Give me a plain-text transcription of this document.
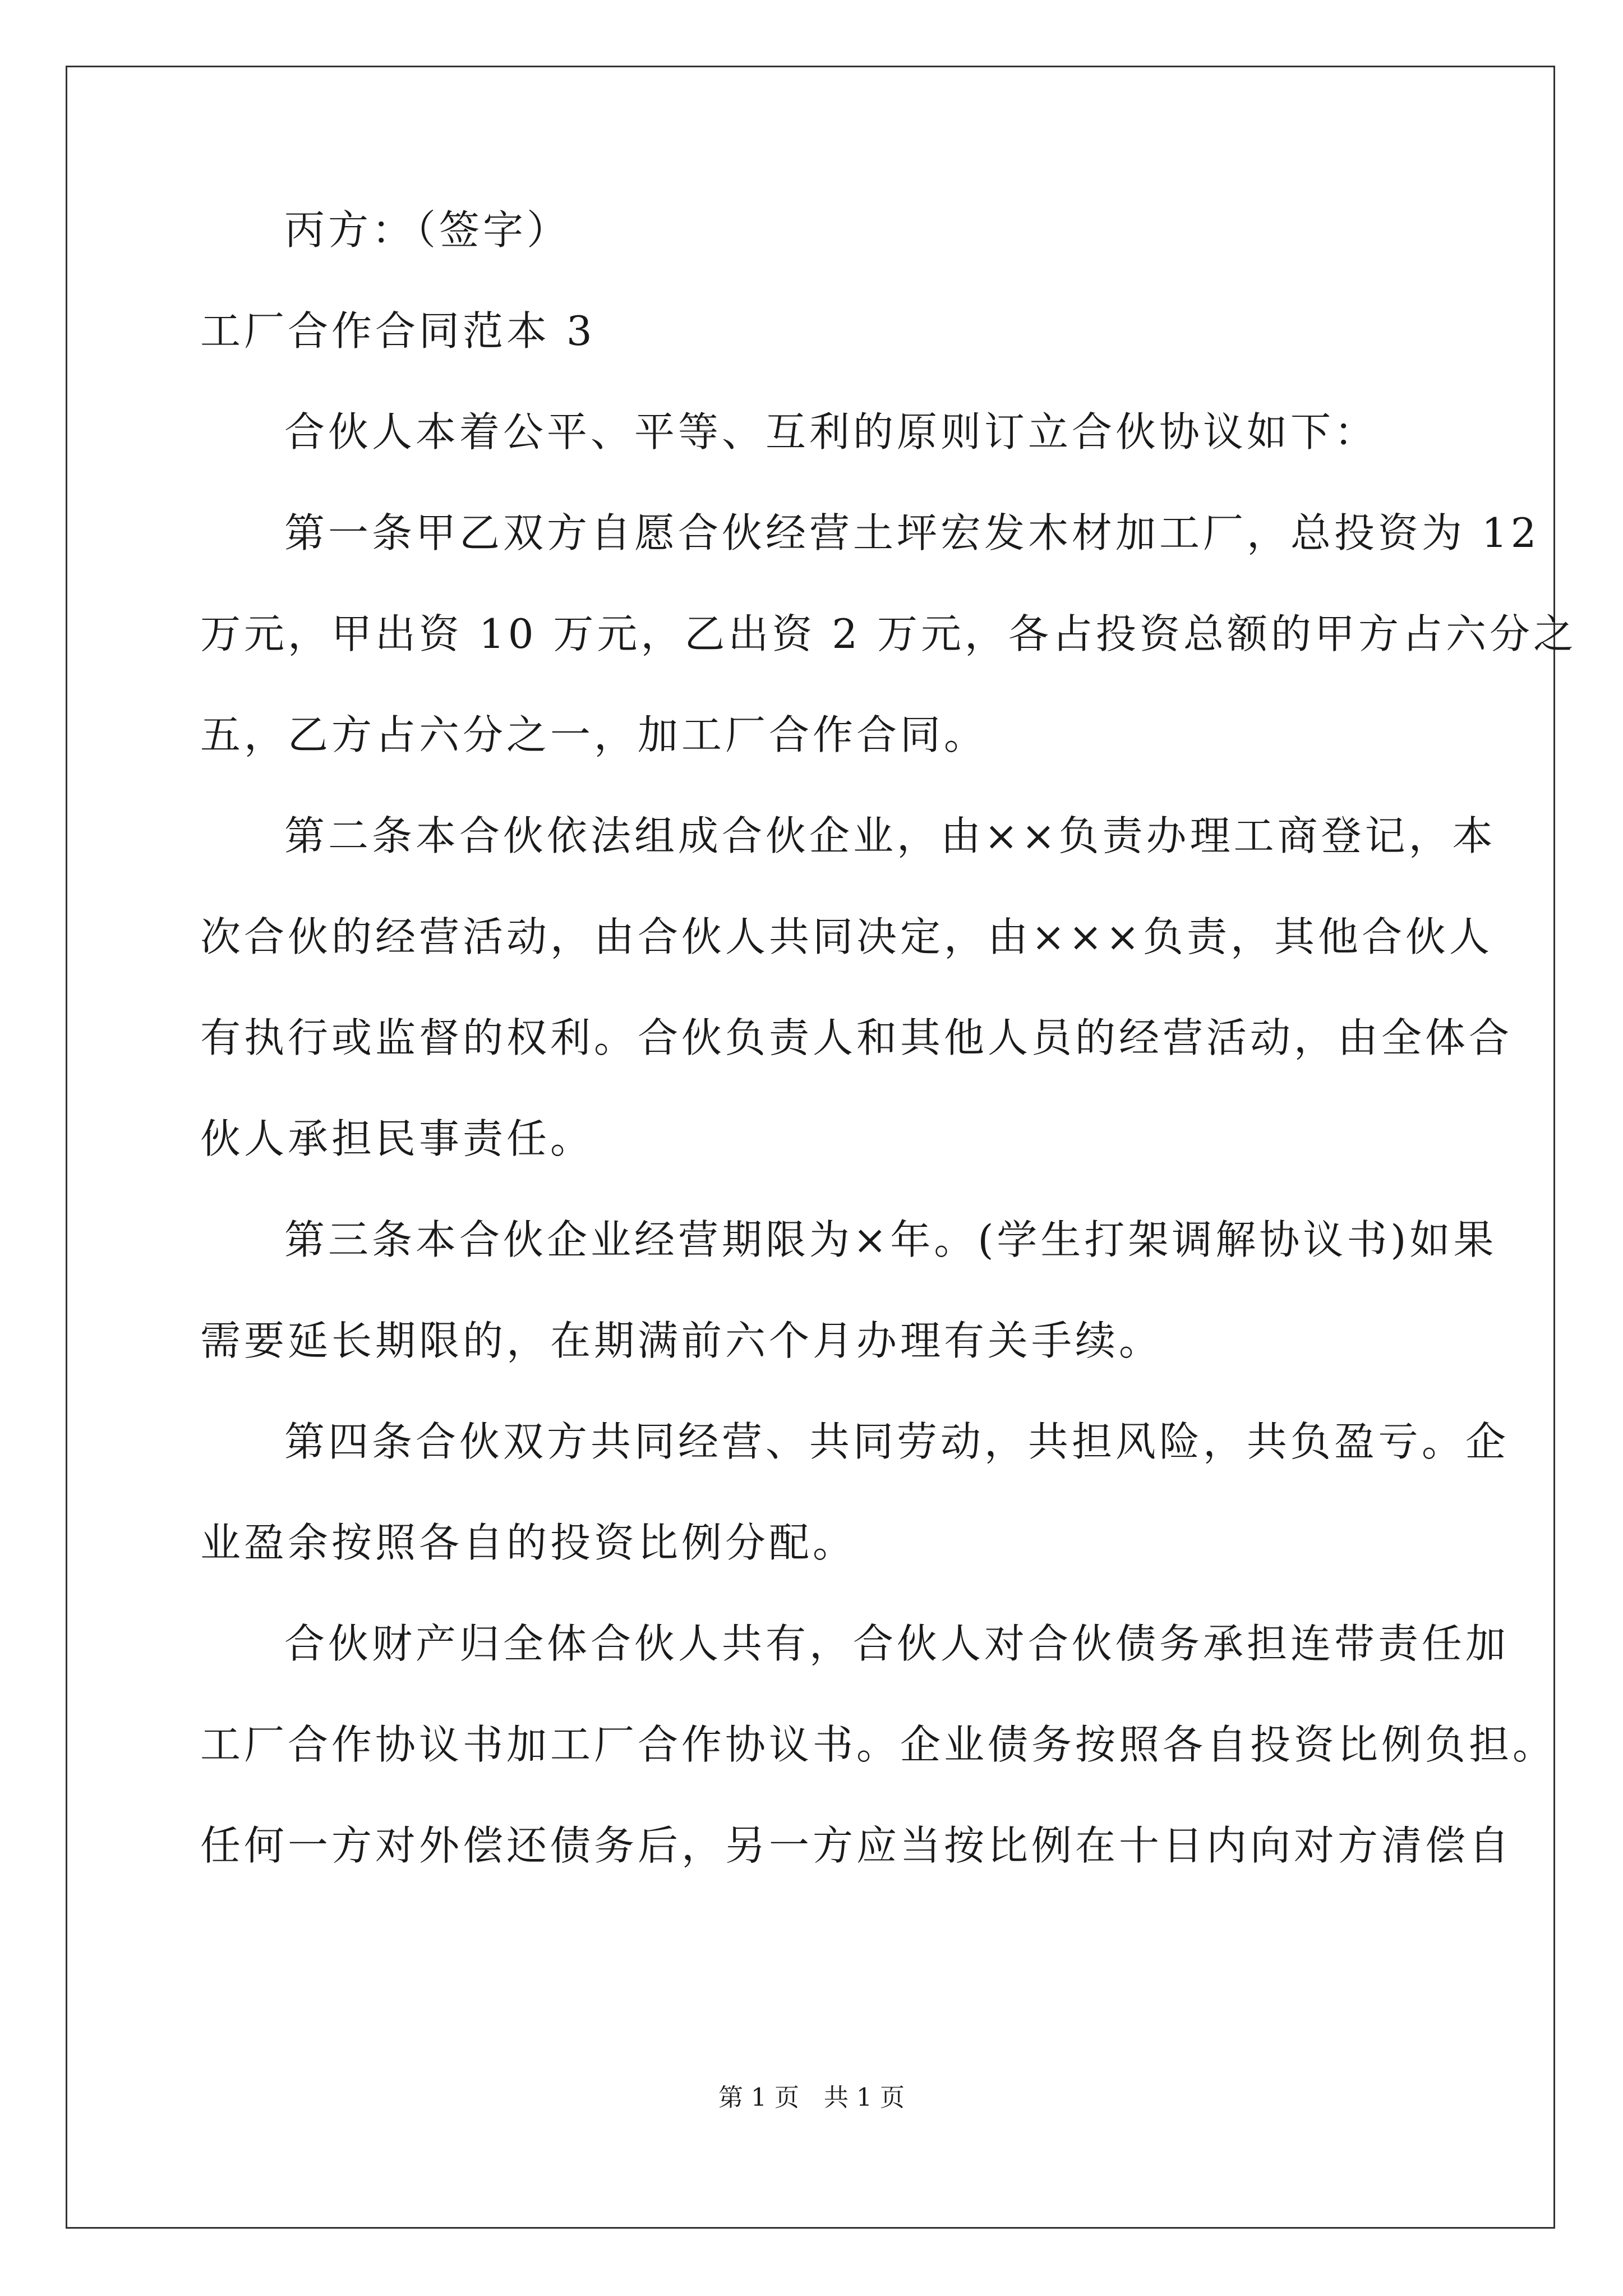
丙方：（签字）
工厂合作合同范本 3
合伙人本着公平、平等、互利的原则订立合伙协议如下：
第一条甲乙双方自愿合伙经营土坪宏发木材加工厂，总投资为 12
万元，甲出资 10 万元，乙出资 2 万元，各占投资总额的甲方占六分之
五，乙方占六分之一，加工厂合作合同。
第二条本合伙依法组成合伙企业，由××负责办理工商登记，本
次合伙的经营活动，由合伙人共同决定，由×××负责，其他合伙人
有执行或监督的权利。合伙负责人和其他人员的经营活动，由全体合
伙人承担民事责任。
第三条本合伙企业经营期限为×年。(学生打架调解协议书)如果
需要延长期限的，在期满前六个月办理有关手续。
第四条合伙双方共同经营、共同劳动，共担风险，共负盈亏。企
业盈余按照各自的投资比例分配。
合伙财产归全体合伙人共有，合伙人对合伙债务承担连带责任加
工厂合作协议书加工厂合作协议书。企业债务按照各自投资比例负担。
任何一方对外偿还债务后，另一方应当按比例在十日内向对方清偿自
第 1 页　共 1 页
